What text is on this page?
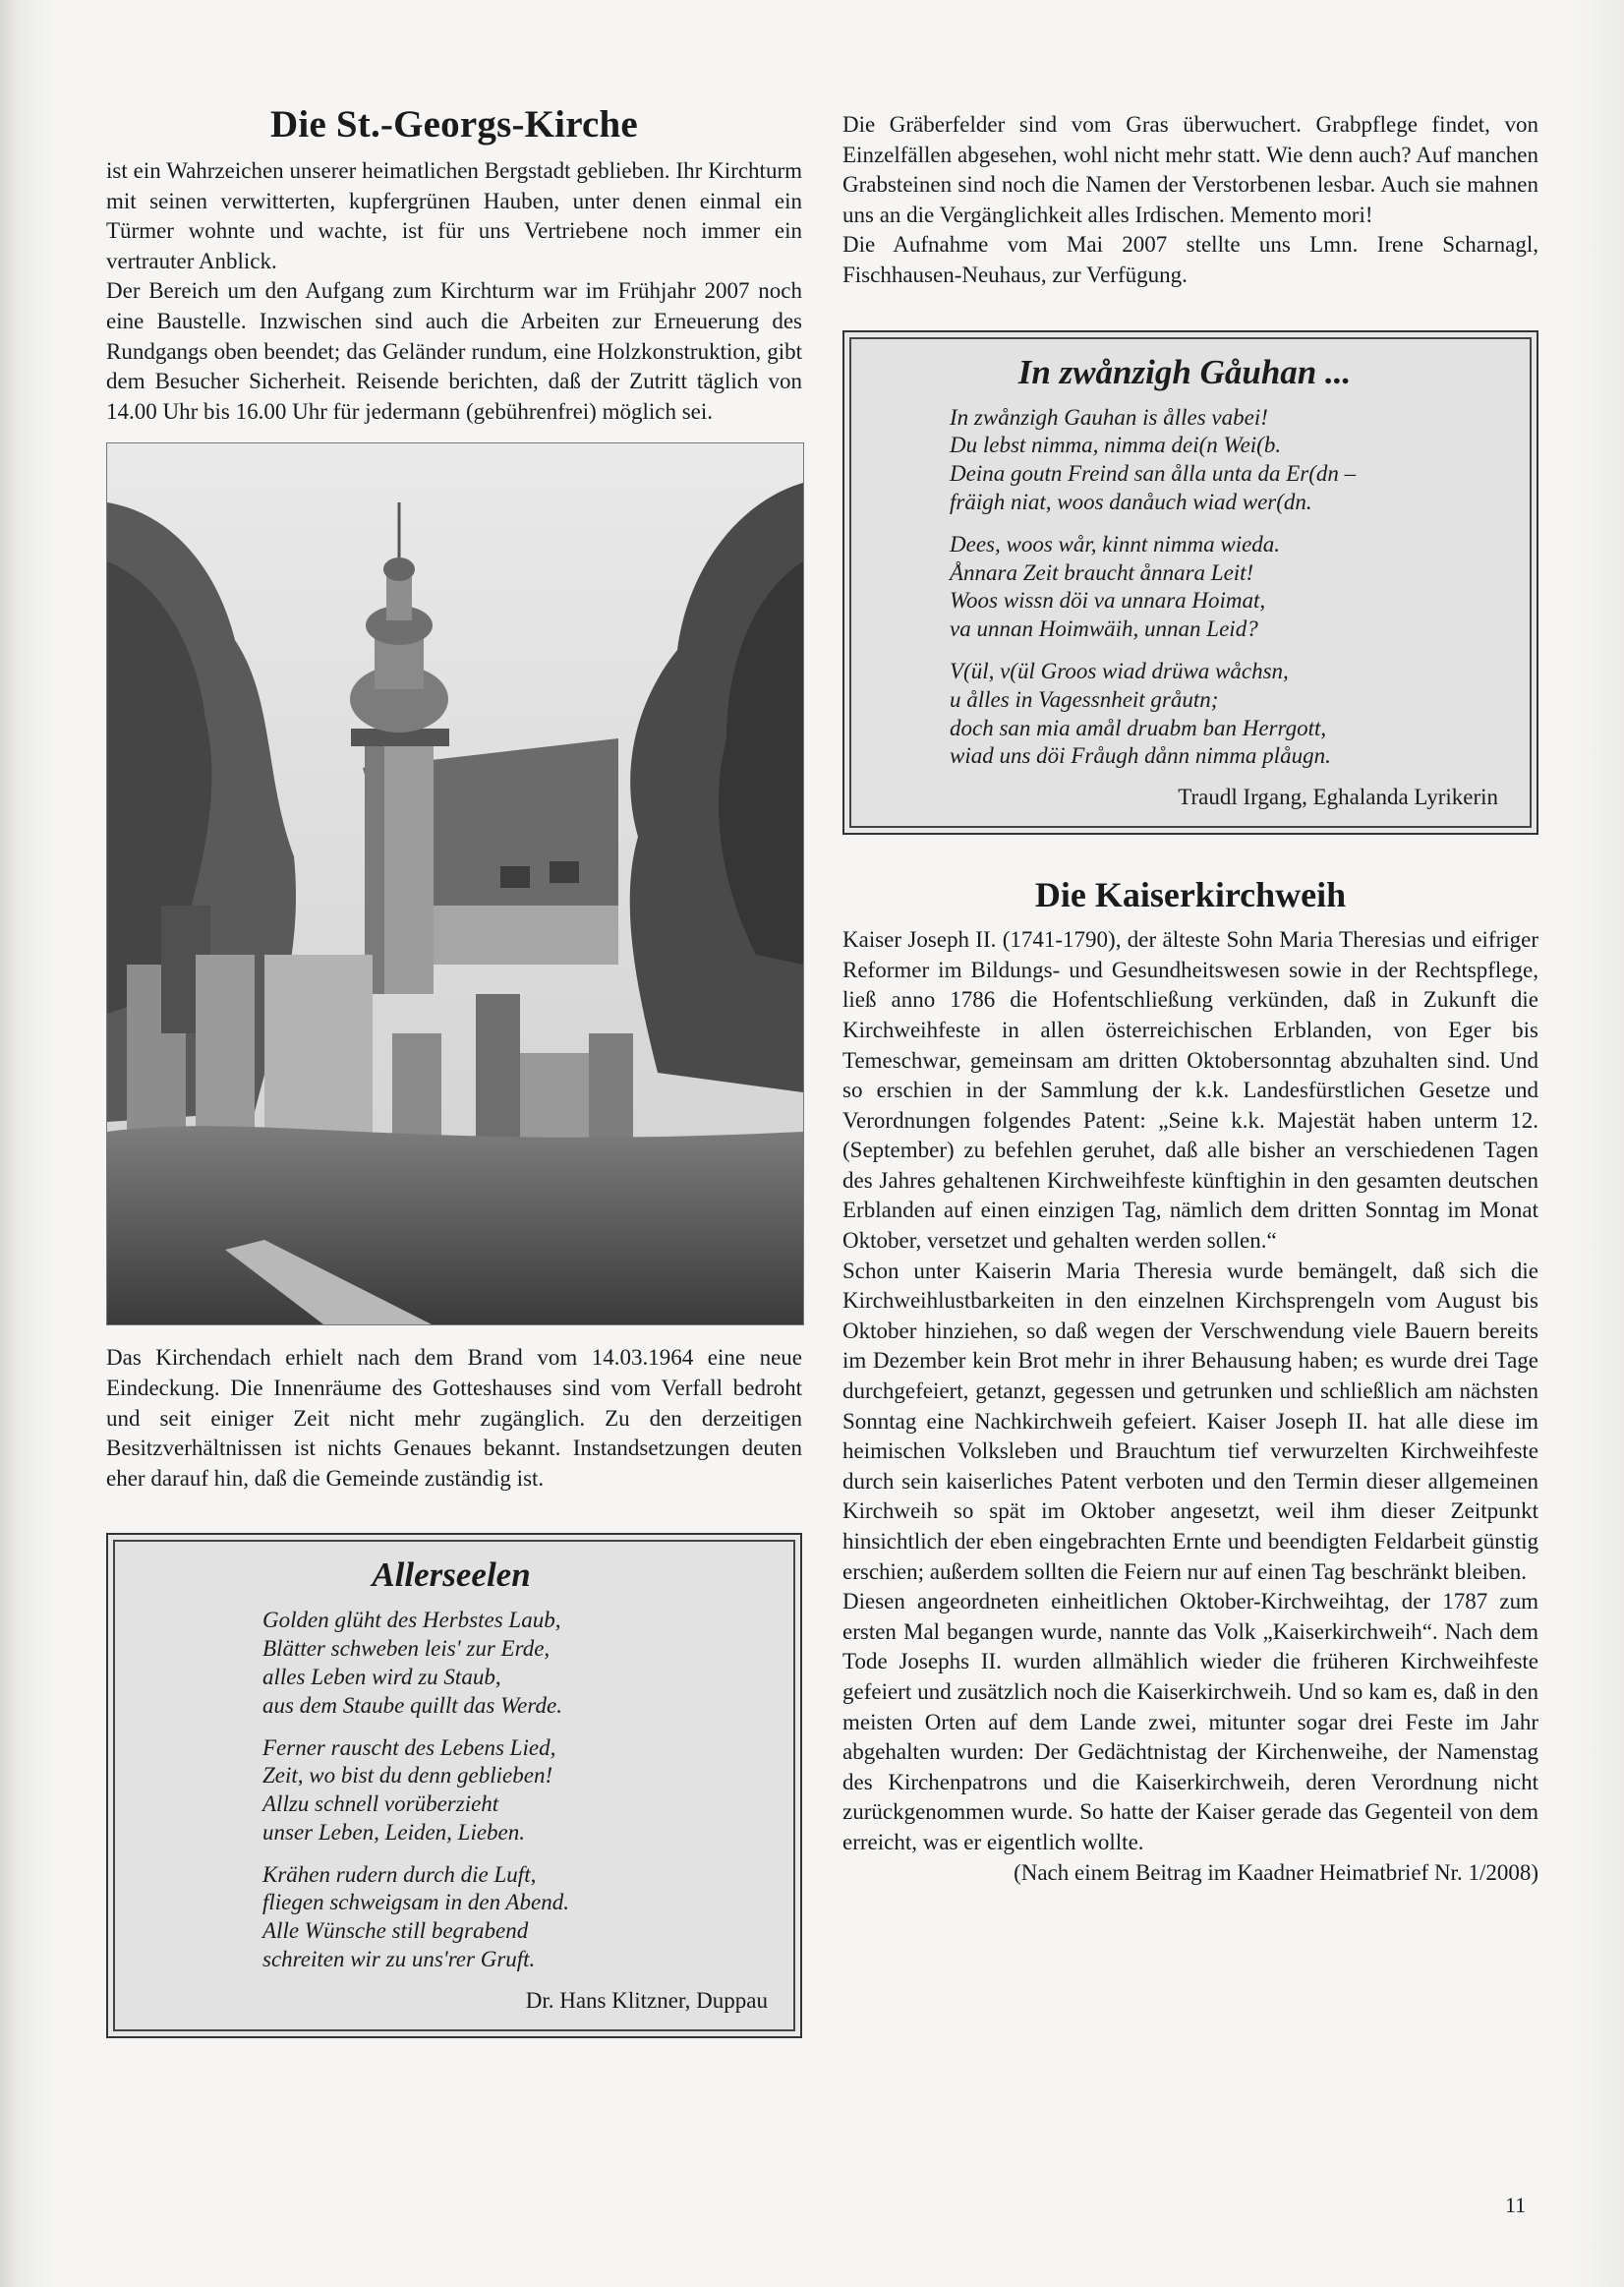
Die St.-Georgs-Kirche

ist ein Wahrzeichen unserer heimatlichen Bergstadt geblieben. Ihr Kirchturm mit seinen verwitterten, kupfergrünen Hauben, unter denen einmal ein Türmer wohnte und wachte, ist für uns Vertriebene noch immer ein vertrauter Anblick.

Der Bereich um den Aufgang zum Kirchturm war im Frühjahr 2007 noch eine Baustelle. Inzwischen sind auch die Arbeiten zur Erneuerung des Rundgangs oben beendet; das Geländer rundum, eine Holzkonstruktion, gibt dem Besucher Sicherheit. Reisende berichten, daß der Zutritt täglich von 14.00 Uhr bis 16.00 Uhr für jedermann (gebührenfrei) möglich sei.

Das Kirchendach erhielt nach dem Brand vom 14.03.1964 eine neue Eindeckung. Die Innenräume des Gotteshauses sind vom Verfall bedroht und seit einiger Zeit nicht mehr zugänglich. Zu den derzeitigen Besitzverhältnissen ist nichts Genaues bekannt. Instandsetzungen deuten eher darauf hin, daß die Gemeinde zuständig ist.

Allerseelen
Golden glüht des Herbstes Laub,
Blätter schweben leis' zur Erde,
alles Leben wird zu Staub,
aus dem Staube quillt das Werde.
Ferner rauscht des Lebens Lied,
Zeit, wo bist du denn geblieben!
Allzu schnell vorüberzieht
unser Leben, Leiden, Lieben.
Krähen rudern durch die Luft,
fliegen schweigsam in den Abend.
Alle Wünsche still begrabend
schreiten wir zu uns'rer Gruft.
Dr. Hans Klitzner, Duppau

Die Gräberfelder sind vom Gras überwuchert. Grabpflege findet, von Einzelfällen abgesehen, wohl nicht mehr statt. Wie denn auch? Auf manchen Grabsteinen sind noch die Namen der Verstorbenen lesbar. Auch sie mahnen uns an die Vergänglichkeit alles Irdischen. Memento mori!

Die Aufnahme vom Mai 2007 stellte uns Lmn. Irene Scharnagl, Fischhausen-Neuhaus, zur Verfügung.

In zwånzigh Gåuhan ...
In zwånzigh Gauhan is ålles vabei!
Du lebst nimma, nimma dei(n Wei(b.
Deina goutn Freind san ålla unta da Er(dn –
fräigh niat, woos danåuch wiad wer(dn.
Dees, woos wår, kinnt nimma wieda.
Ånnara Zeit braucht ånnara Leit!
Woos wissn döi va unnara Hoimat,
va unnan Hoimwäih, unnan Leid?
V(ül, v(ül Groos wiad drüwa wåchsn,
u ålles in Vagessnheit gråutn;
doch san mia amål druabm ban Herrgott,
wiad uns döi Fråugh dånn nimma plåugn.
Traudl Irgang, Eghalanda Lyrikerin
Die Kaiserkirchweih

Kaiser Joseph II. (1741-1790), der älteste Sohn Maria Theresias und eifriger Reformer im Bildungs- und Gesundheitswesen sowie in der Rechtspflege, ließ anno 1786 die Hofentschließung verkünden, daß in Zukunft die Kirchweihfeste in allen österreichischen Erblanden, von Eger bis Temeschwar, gemeinsam am dritten Oktobersonntag abzuhalten sind. Und so erschien in der Sammlung der k.k. Landesfürstlichen Gesetze und Verordnungen folgendes Patent: „Seine k.k. Majestät haben unterm 12. (September) zu befehlen geruhet, daß alle bisher an verschiedenen Tagen des Jahres gehaltenen Kirchweihfeste künftighin in den gesamten deutschen Erblanden auf einen einzigen Tag, nämlich dem dritten Sonntag im Monat Oktober, versetzet und gehalten werden sollen.“

Schon unter Kaiserin Maria Theresia wurde bemängelt, daß sich die Kirchweihlustbarkeiten in den einzelnen Kirchsprengeln vom August bis Oktober hinziehen, so daß wegen der Verschwendung viele Bauern bereits im Dezember kein Brot mehr in ihrer Behausung haben; es wurde drei Tage durchgefeiert, getanzt, gegessen und getrunken und schließlich am nächsten Sonntag eine Nachkirchweih gefeiert. Kaiser Joseph II. hat alle diese im heimischen Volksleben und Brauchtum tief verwurzelten Kirchweihfeste durch sein kaiserliches Patent verboten und den Termin dieser allgemeinen Kirchweih so spät im Oktober angesetzt, weil ihm dieser Zeitpunkt hinsichtlich der eben eingebrachten Ernte und beendigten Feldarbeit günstig erschien; außerdem sollten die Feiern nur auf einen Tag beschränkt bleiben.

Diesen angeordneten einheitlichen Oktober-Kirchweihtag, der 1787 zum ersten Mal begangen wurde, nannte das Volk „Kaiserkirchweih“. Nach dem Tode Josephs II. wurden allmählich wieder die früheren Kirchweihfeste gefeiert und zusätzlich noch die Kaiserkirchweih. Und so kam es, daß in den meisten Orten auf dem Lande zwei, mitunter sogar drei Feste im Jahr abgehalten wurden: Der Gedächtnistag der Kirchenweihe, der Namenstag des Kirchenpatrons und die Kaiserkirchweih, deren Verordnung nicht zurückgenommen wurde. So hatte der Kaiser gerade das Gegenteil von dem erreicht, was er eigentlich wollte.

(Nach einem Beitrag im Kaadner Heimatbrief Nr. 1/2008)

11
